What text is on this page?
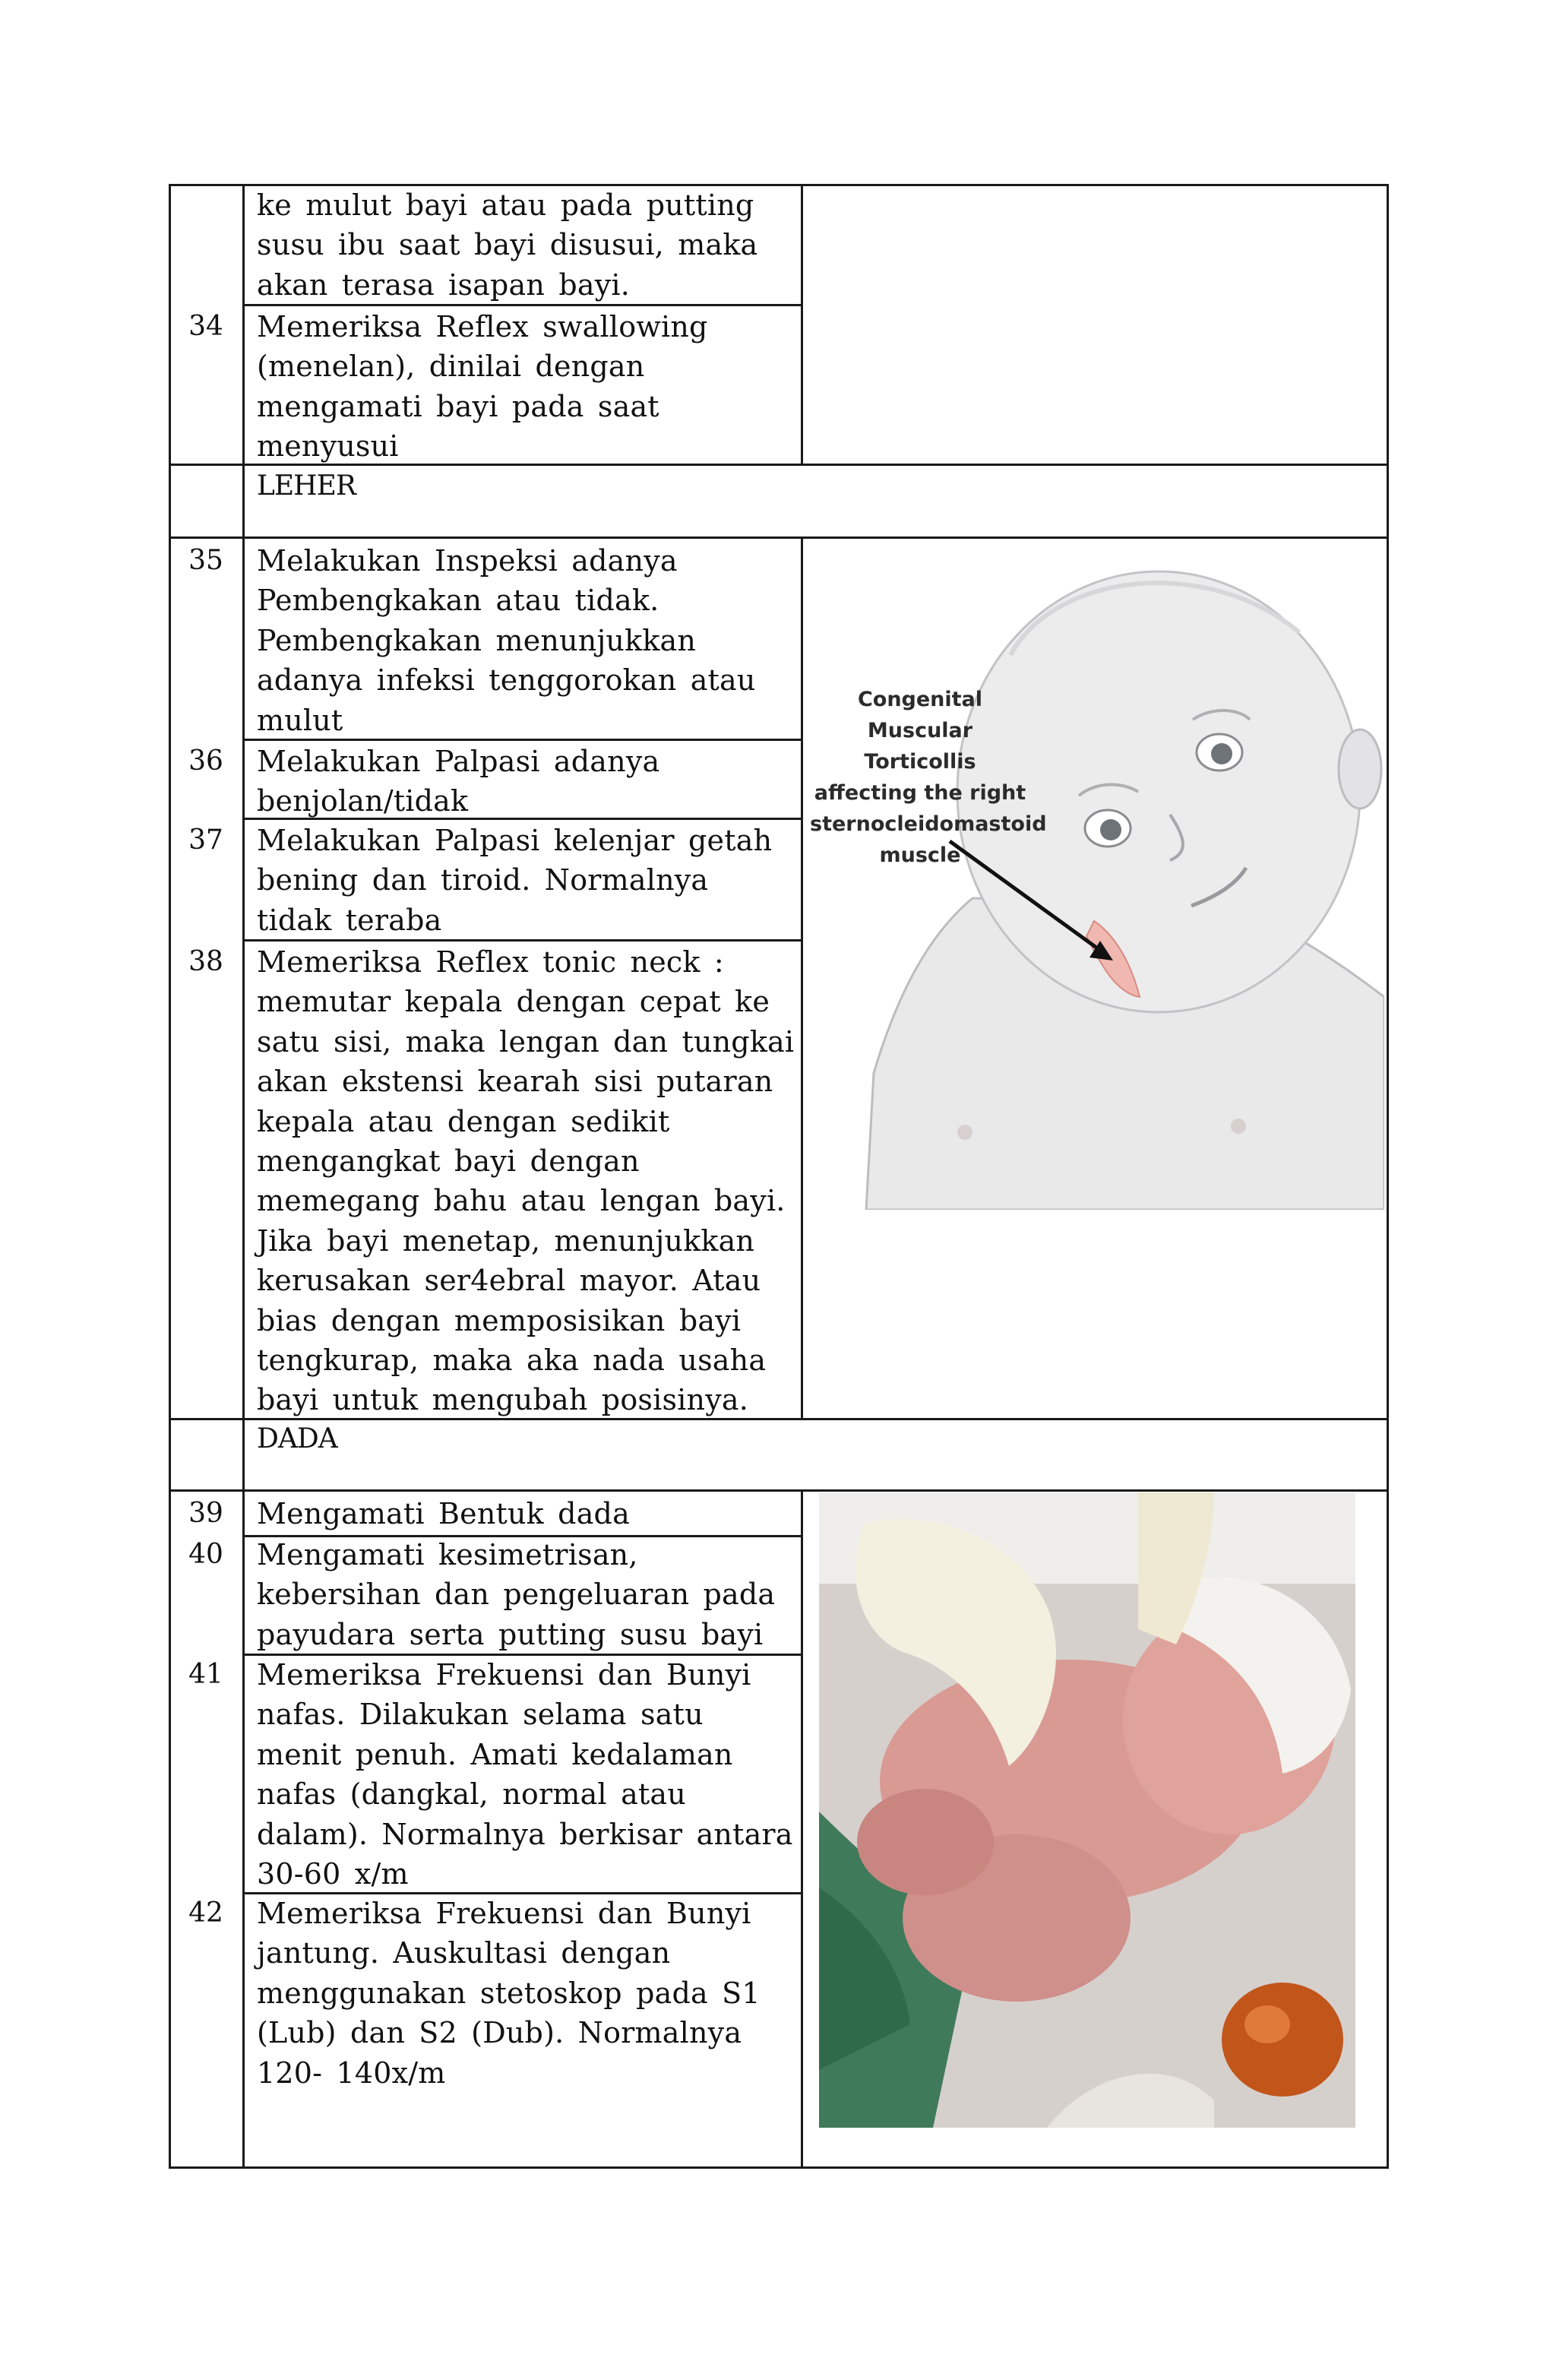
ke mulut bayi atau pada putting susu ibu saat bayi disusui, maka akan terasa isapan bayi.
34	Memeriksa Reflex swallowing (menelan), dinilai dengan mengamati bayi pada saat menyusui
LEHER
35	Melakukan Inspeksi adanya Pembengkakan atau tidak. Pembengkakan menunjukkan adanya infeksi tenggorokan atau mulut
36	Melakukan Palpasi adanya benjolan/tidak
37	Melakukan Palpasi kelenjar getah bening dan tiroid. Normalnya tidak teraba
38	Memeriksa Reflex tonic neck : memutar kepala dengan cepat ke satu sisi, maka lengan dan tungkai akan ekstensi kearah sisi putaran kepala atau dengan sedikit mengangkat bayi dengan memegang bahu atau lengan bayi. Jika bayi menetap, menunjukkan kerusakan ser4ebral mayor. Atau bias dengan memposisikan bayi tengkurap, maka aka nada usaha bayi untuk mengubah posisinya.
DADA
39	Mengamati Bentuk dada
40	Mengamati kesimetrisan, kebersihan dan pengeluaran pada payudara serta putting susu bayi
41	Memeriksa Frekuensi dan Bunyi nafas. Dilakukan selama satu menit penuh. Amati kedalaman nafas (dangkal, normal atau dalam). Normalnya berkisar antara 30-60 x/m
42	Memeriksa Frekuensi dan Bunyi jantung. Auskultasi dengan menggunakan stetoskop pada S1 (Lub) dan S2 (Dub). Normalnya 120- 140x/m
Congenital Muscular
Torticollis
affecting the right
sternocleidomastoid
muscle
